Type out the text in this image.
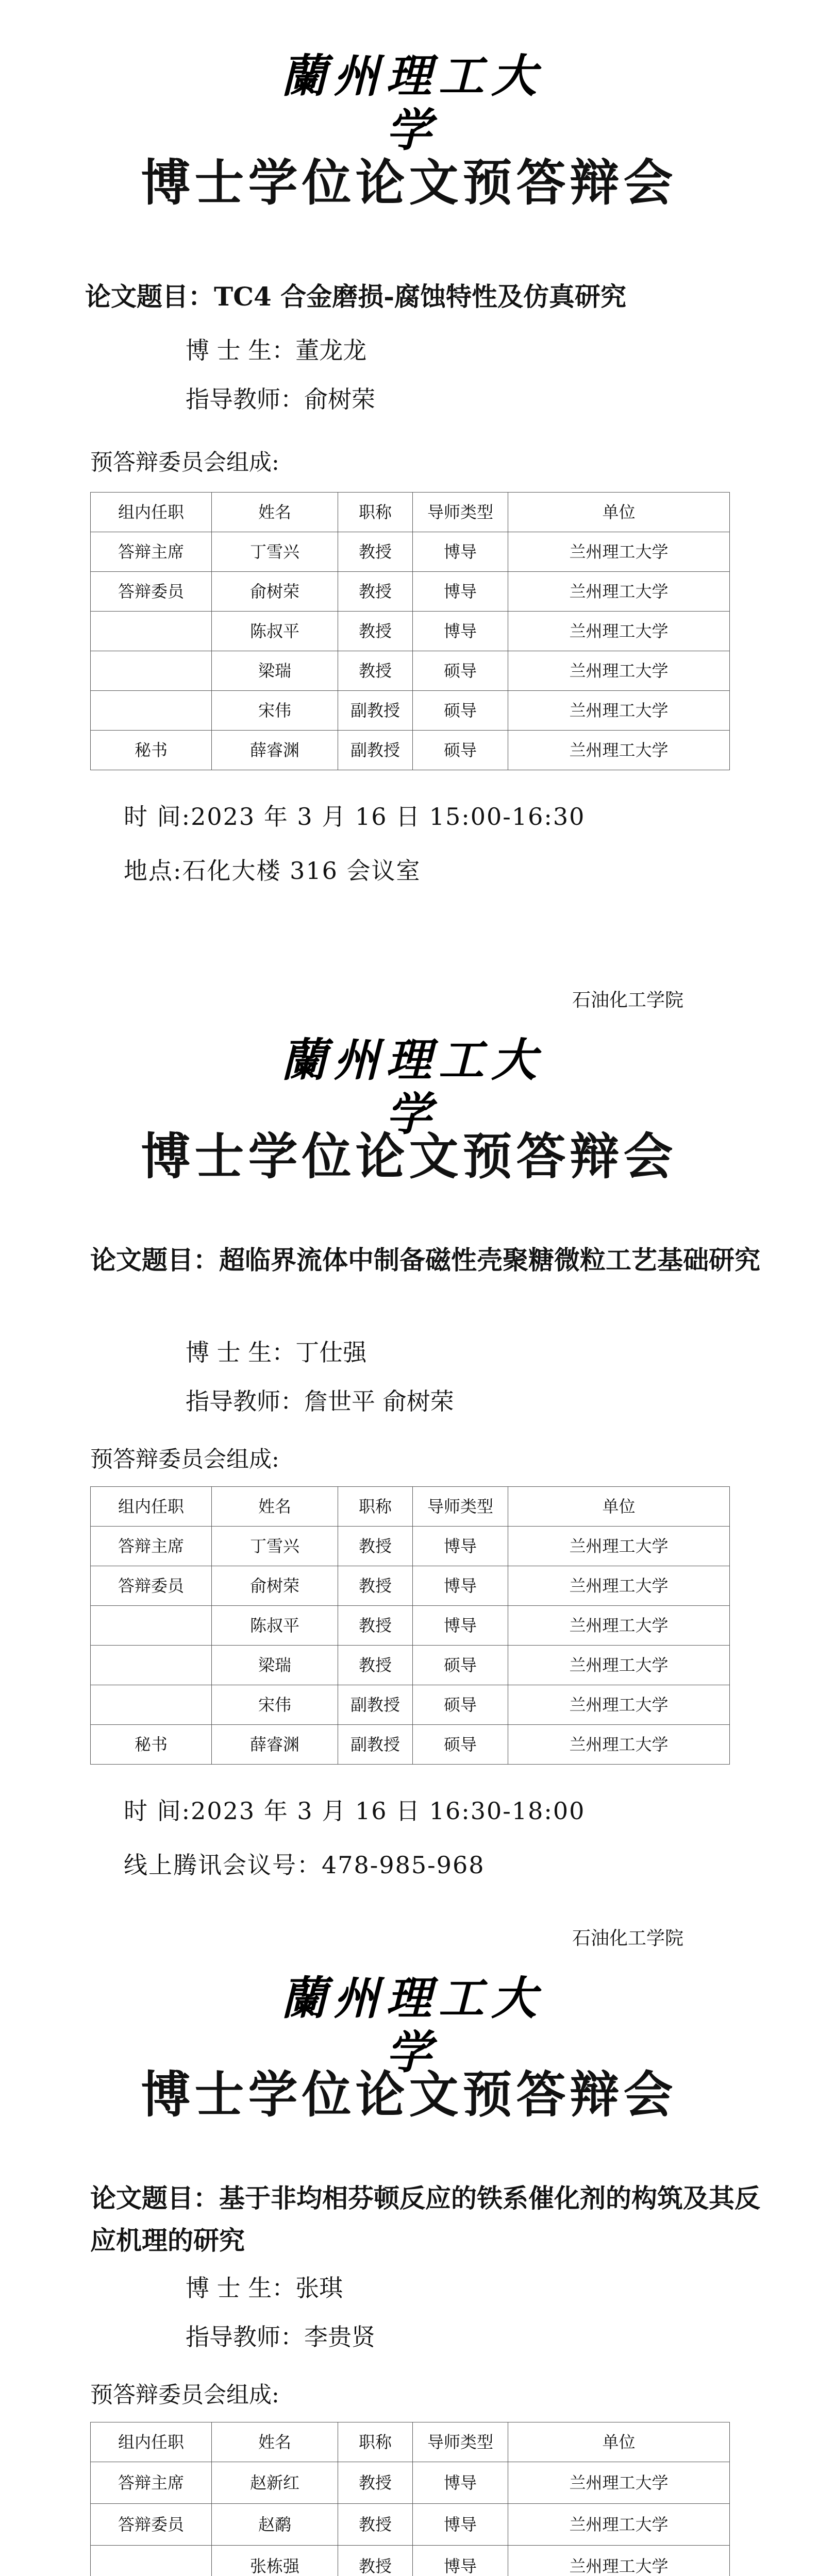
蘭州理工大学
博士学位论文预答辩会
论文题目：TC4 合金磨损-腐蚀特性及仿真研究
博 士 生：董龙龙
指导教师：俞树荣
预答辩委员会组成:
组内任职	姓名	职称	导师类型	单位
答辩主席	丁雪兴	教授	博导	兰州理工大学
答辩委员	俞树荣	教授	博导	兰州理工大学
	陈叔平	教授	博导	兰州理工大学
	梁瑞	教授	硕导	兰州理工大学
	宋伟	副教授	硕导	兰州理工大学
秘书	薛睿渊	副教授	硕导	兰州理工大学
时 间:2023 年 3 月 16 日 15:00-16:30
地点:石化大楼 316 会议室
石油化工学院
蘭州理工大学
博士学位论文预答辩会
论文题目：超临界流体中制备磁性壳聚糖微粒工艺基础研究
博 士 生：丁仕强
指导教师：詹世平 俞树荣
预答辩委员会组成:
组内任职	姓名	职称	导师类型	单位
答辩主席	丁雪兴	教授	博导	兰州理工大学
答辩委员	俞树荣	教授	博导	兰州理工大学
	陈叔平	教授	博导	兰州理工大学
	梁瑞	教授	硕导	兰州理工大学
	宋伟	副教授	硕导	兰州理工大学
秘书	薛睿渊	副教授	硕导	兰州理工大学
时 间:2023 年 3 月 16 日 16:30-18:00
线上腾讯会议号：478-985-968
石油化工学院
蘭州理工大学
博士学位论文预答辩会
论文题目：基于非均相芬顿反应的铁系催化剂的构筑及其反应机理的研究
博 士 生：张琪
指导教师：李贵贤
预答辩委员会组成:
组内任职	姓名	职称	导师类型	单位
答辩主席	赵新红	教授	博导	兰州理工大学
答辩委员	赵鹬	教授	博导	兰州理工大学
	张栋强	教授	博导	兰州理工大学
